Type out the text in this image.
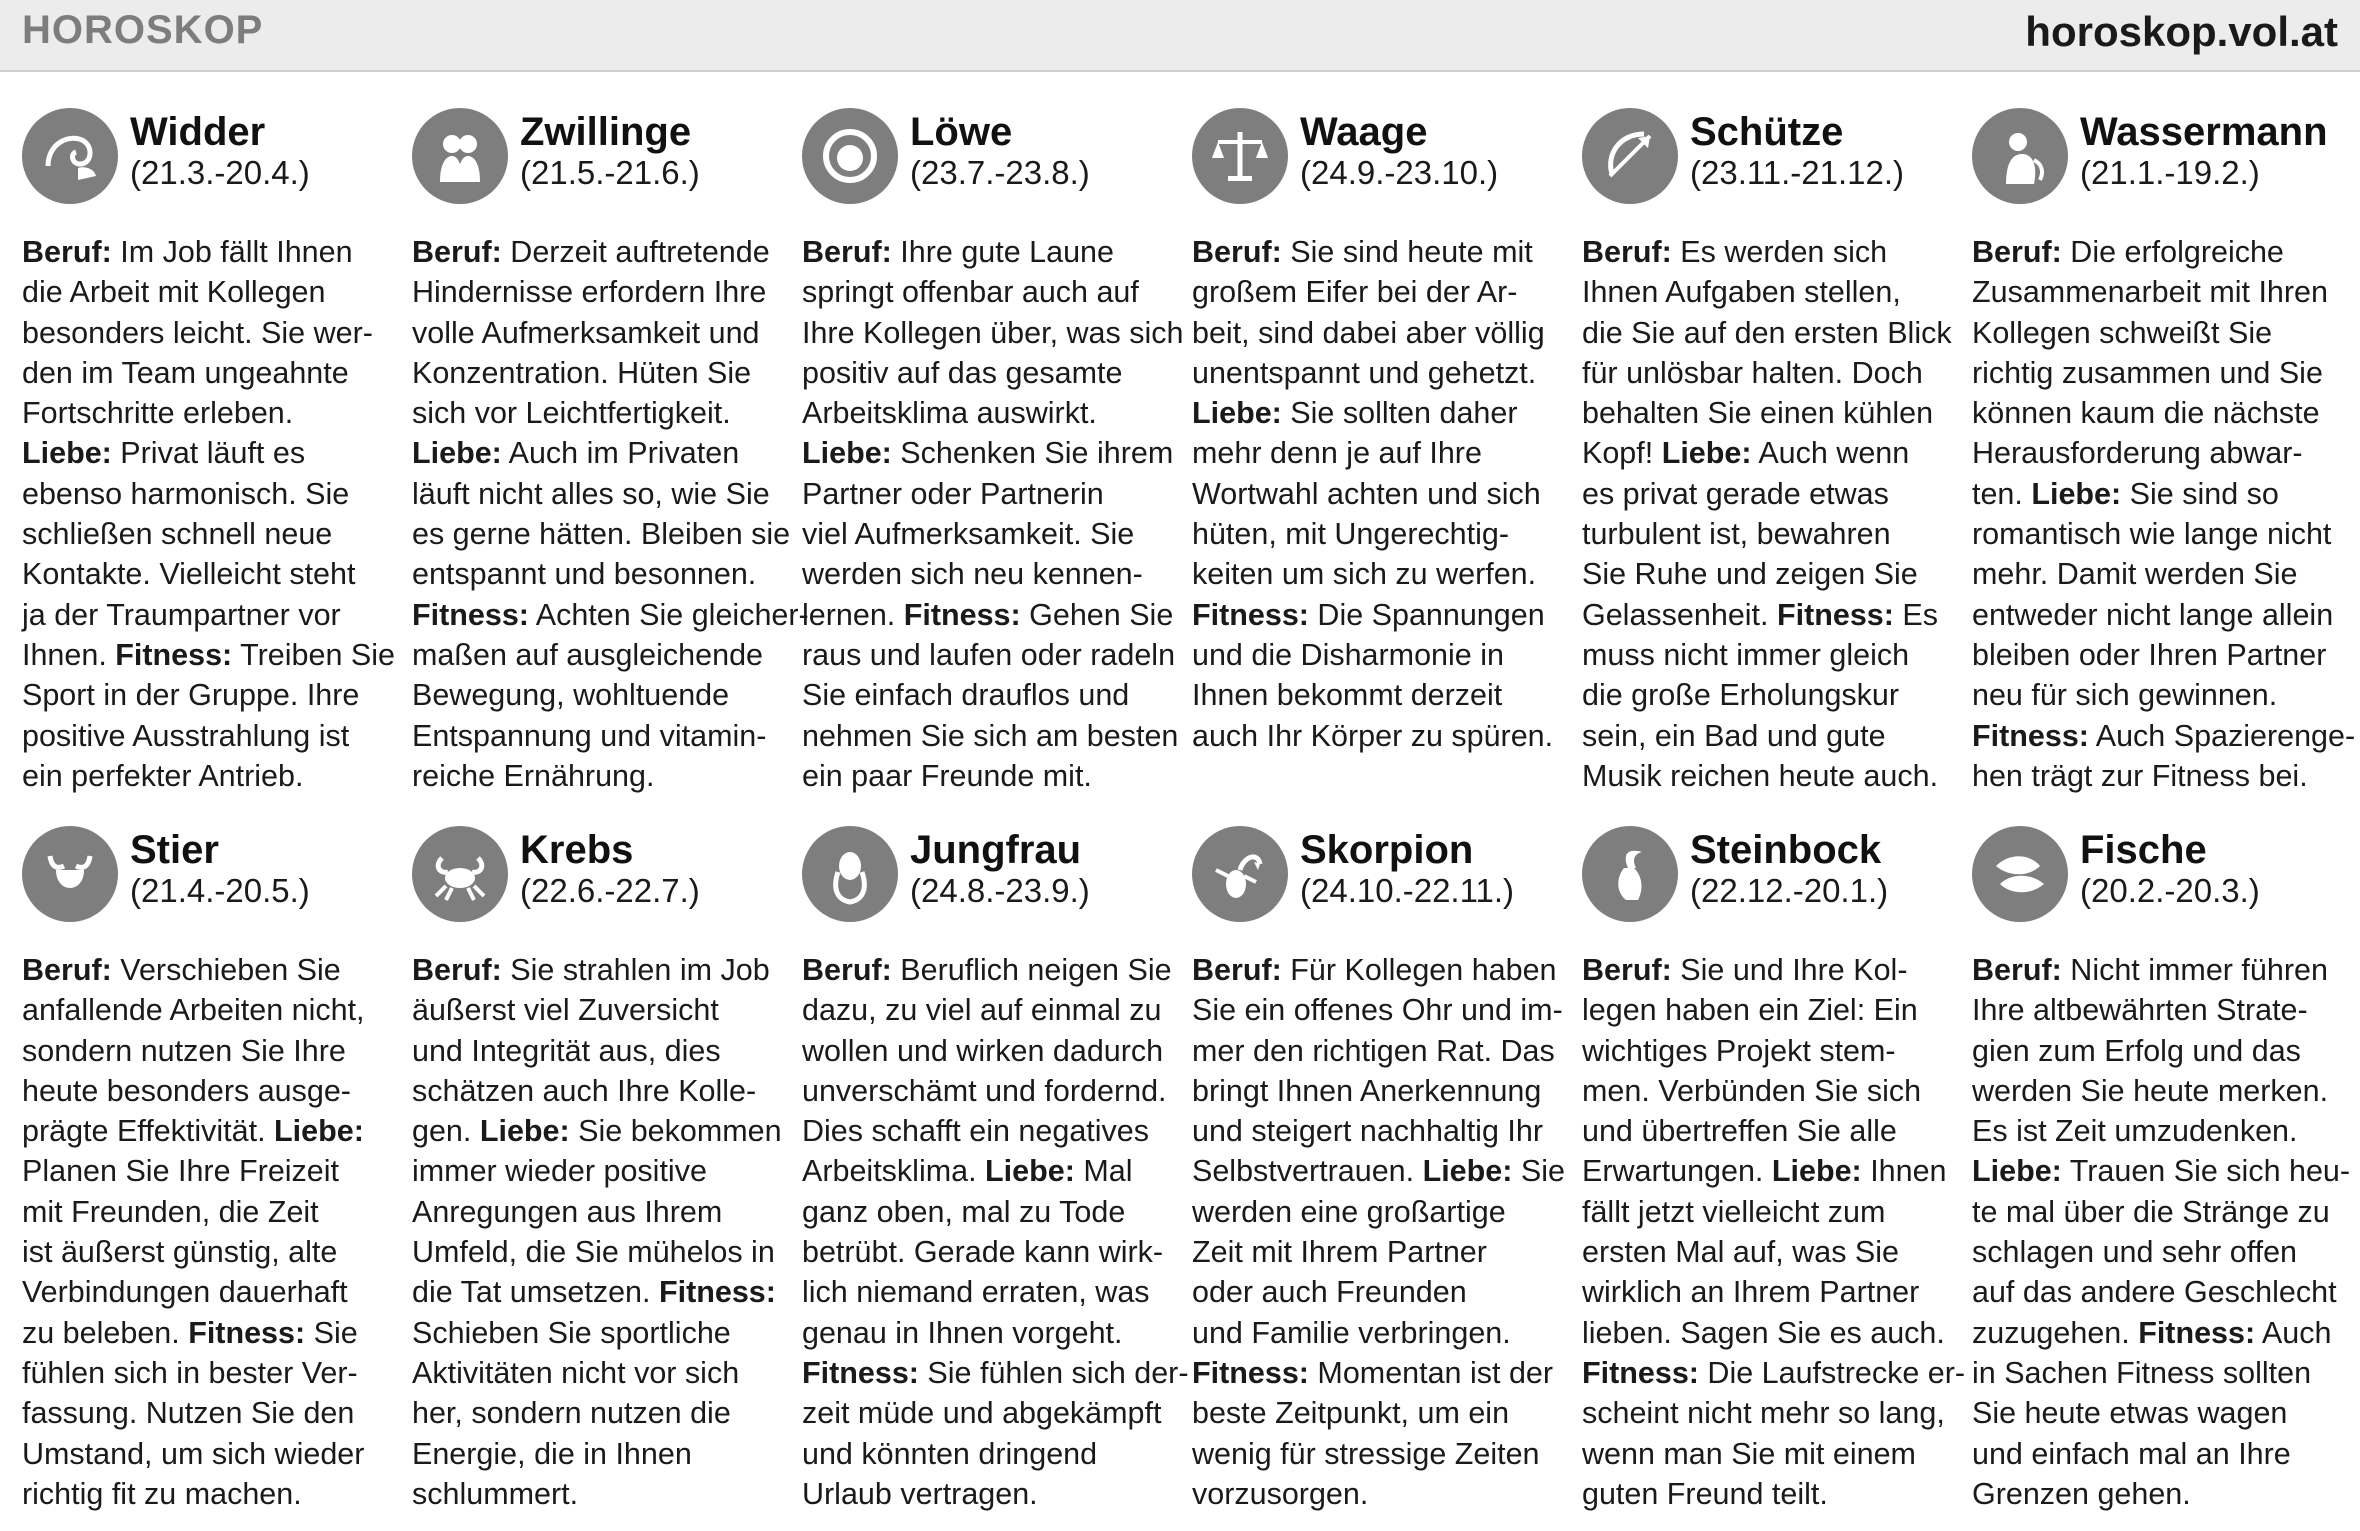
HOROSKOP	horoskop.vol.at
Widder
(21.3.-20.4.)
Beruf: Im Job fällt Ihnen
die Arbeit mit Kollegen
besonders leicht. Sie wer-
den im Team ungeahnte
Fortschritte erleben.
Liebe: Privat läuft es
ebenso harmonisch. Sie
schließen schnell neue
Kontakte. Vielleicht steht
ja der Traumpartner vor
Ihnen. Fitness: Treiben Sie
Sport in der Gruppe. Ihre
positive Ausstrahlung ist
ein perfekter Antrieb.
Zwillinge
(21.5.-21.6.)
Beruf: Derzeit auftretende
Hindernisse erfordern Ihre
volle Aufmerksamkeit und
Konzentration. Hüten Sie
sich vor Leichtfertigkeit.
Liebe: Auch im Privaten
läuft nicht alles so, wie Sie
es gerne hätten. Bleiben sie
entspannt und besonnen.
Fitness: Achten Sie gleicher-
maßen auf ausgleichende
Bewegung, wohltuende
Entspannung und vitamin-
reiche Ernährung.
Löwe
(23.7.-23.8.)
Beruf: Ihre gute Laune
springt offenbar auch auf
Ihre Kollegen über, was sich
positiv auf das gesamte
Arbeitsklima auswirkt.
Liebe: Schenken Sie ihrem
Partner oder Partnerin
viel Aufmerksamkeit. Sie
werden sich neu kennen-
lernen. Fitness: Gehen Sie
raus und laufen oder radeln
Sie einfach drauflos und
nehmen Sie sich am besten
ein paar Freunde mit.
Waage
(24.9.-23.10.)
Beruf: Sie sind heute mit
großem Eifer bei der Ar-
beit, sind dabei aber völlig
unentspannt und gehetzt.
Liebe: Sie sollten daher
mehr denn je auf Ihre
Wortwahl achten und sich
hüten, mit Ungerechtig-
keiten um sich zu werfen.
Fitness: Die Spannungen
und die Disharmonie in
Ihnen bekommt derzeit
auch Ihr Körper zu spüren.
Schütze
(23.11.-21.12.)
Beruf: Es werden sich
Ihnen Aufgaben stellen,
die Sie auf den ersten Blick
für unlösbar halten. Doch
behalten Sie einen kühlen
Kopf! Liebe: Auch wenn
es privat gerade etwas
turbulent ist, bewahren
Sie Ruhe und zeigen Sie
Gelassenheit. Fitness: Es
muss nicht immer gleich
die große Erholungskur
sein, ein Bad und gute
Musik reichen heute auch.
Wassermann
(21.1.-19.2.)
Beruf: Die erfolgreiche
Zusammenarbeit mit Ihren
Kollegen schweißt Sie
richtig zusammen und Sie
können kaum die nächste
Herausforderung abwar-
ten. Liebe: Sie sind so
romantisch wie lange nicht
mehr. Damit werden Sie
entweder nicht lange allein
bleiben oder Ihren Partner
neu für sich gewinnen.
Fitness: Auch Spazierenge-
hen trägt zur Fitness bei.
Stier
(21.4.-20.5.)
Beruf: Verschieben Sie
anfallende Arbeiten nicht,
sondern nutzen Sie Ihre
heute besonders ausge-
prägte Effektivität. Liebe:
Planen Sie Ihre Freizeit
mit Freunden, die Zeit
ist äußerst günstig, alte
Verbindungen dauerhaft
zu beleben. Fitness: Sie
fühlen sich in bester Ver-
fassung. Nutzen Sie den
Umstand, um sich wieder
richtig fit zu machen.
Krebs
(22.6.-22.7.)
Beruf: Sie strahlen im Job
äußerst viel Zuversicht
und Integrität aus, dies
schätzen auch Ihre Kolle-
gen. Liebe: Sie bekommen
immer wieder positive
Anregungen aus Ihrem
Umfeld, die Sie mühelos in
die Tat umsetzen. Fitness:
Schieben Sie sportliche
Aktivitäten nicht vor sich
her, sondern nutzen die
Energie, die in Ihnen
schlummert.
Jungfrau
(24.8.-23.9.)
Beruf: Beruflich neigen Sie
dazu, zu viel auf einmal zu
wollen und wirken dadurch
unverschämt und fordernd.
Dies schafft ein negatives
Arbeitsklima. Liebe: Mal
ganz oben, mal zu Tode
betrübt. Gerade kann wirk-
lich niemand erraten, was
genau in Ihnen vorgeht.
Fitness: Sie fühlen sich der-
zeit müde und abgekämpft
und könnten dringend
Urlaub vertragen.
Skorpion
(24.10.-22.11.)
Beruf: Für Kollegen haben
Sie ein offenes Ohr und im-
mer den richtigen Rat. Das
bringt Ihnen Anerkennung
und steigert nachhaltig Ihr
Selbstvertrauen. Liebe: Sie
werden eine großartige
Zeit mit Ihrem Partner
oder auch Freunden
und Familie verbringen.
Fitness: Momentan ist der
beste Zeitpunkt, um ein
wenig für stressige Zeiten
vorzusorgen.
Steinbock
(22.12.-20.1.)
Beruf: Sie und Ihre Kol-
legen haben ein Ziel: Ein
wichtiges Projekt stem-
men. Verbünden Sie sich
und übertreffen Sie alle
Erwartungen. Liebe: Ihnen
fällt jetzt vielleicht zum
ersten Mal auf, was Sie
wirklich an Ihrem Partner
lieben. Sagen Sie es auch.
Fitness: Die Laufstrecke er-
scheint nicht mehr so lang,
wenn man Sie mit einem
guten Freund teilt.
Fische
(20.2.-20.3.)
Beruf: Nicht immer führen
Ihre altbewährten Strate-
gien zum Erfolg und das
werden Sie heute merken.
Es ist Zeit umzudenken.
Liebe: Trauen Sie sich heu-
te mal über die Stränge zu
schlagen und sehr offen
auf das andere Geschlecht
zuzugehen. Fitness: Auch
in Sachen Fitness sollten
Sie heute etwas wagen
und einfach mal an Ihre
Grenzen gehen.
